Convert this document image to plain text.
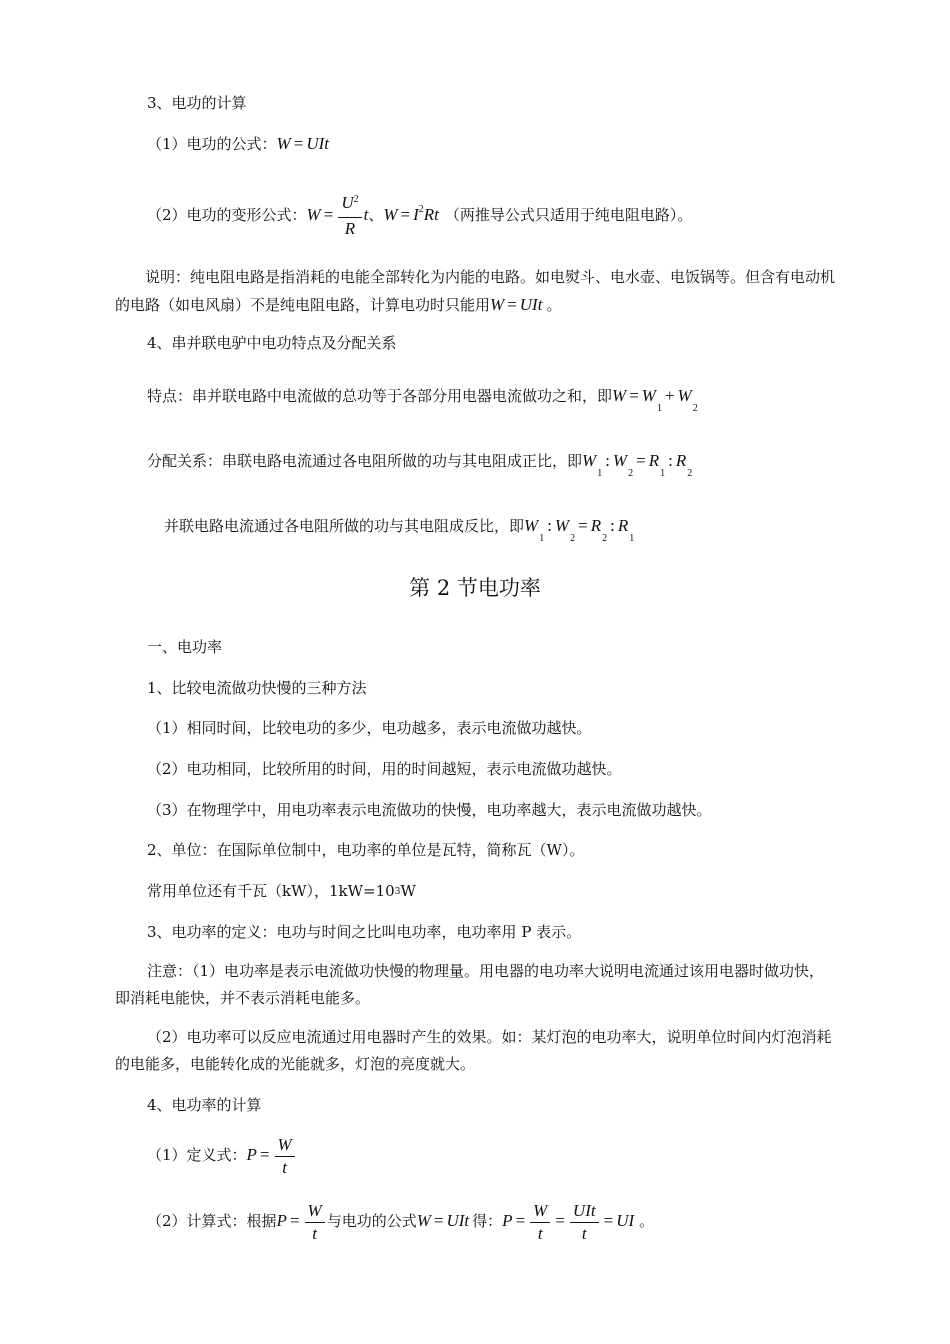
3、电功的计算
（1）电功的公式：W = UIt
（2）电功的变形公式：$W = \frac{U^2}{R}$ t、$W = I^2Rt$ （两推导公式只适用于纯电阻电路）。
说明：纯电阻电路是指消耗的电能全部转化为内能的电路。如电熨斗、电水壶、电饭锅等。但含有电动机的电路（如电风扇）不是纯电阻电路，计算电功时只能用W = UIt 。
4、串并联电驴中电功特点及分配关系
特点：串并联电路中电流做的总功等于各部分用电器电流做功之和，即$W = W_1+ W_2$
分配关系：串联电路电流通过各电阻所做的功与其电阻成正比，即$W_1$: $W_2= R_1$: $R_2$
并联电路电流通过各电阻所做的功与其电阻成反比，即$W_1$: $W_2= R_2$: $R_1$
第 2 节电功率
一、电功率
1、比较电流做功快慢的三种方法
（1）相同时间，比较电功的多少，电功越多，表示电流做功越快。
（2）电功相同，比较所用的时间，用的时间越短，表示电流做功越快。
（3）在物理学中，用电功率表示电流做功的快慢，电功率越大，表示电流做功越快。
2、单位：在国际单位制中，电功率的单位是瓦特，简称瓦（W）。
常用单位还有千瓦（kW），$1kW=10^3W$
3、电功率的定义：电功与时间之比叫电功率，电功率用 P 表示。
注意：（1）电功率是表示电流做功快慢的物理量。用电器的电功率大说明电流通过该用电器时做功快，即消耗电能快，并不表示消耗电能多。
（2）电功率可以反应电流通过用电器时产生的效果。如：某灯泡的电功率大，说明单位时间内灯泡消耗的电能多，电能转化成的光能就多，灯泡的亮度就大。
4、电功率的计算
（1）定义式：$P = \frac{W}{t}$
（2）计算式：根据$P = \frac{W}{t}$ 与电功的公式W = UIt 得：$P = \frac{W}{t} = \frac{\text{UIt}}{t}$ = UI 。
